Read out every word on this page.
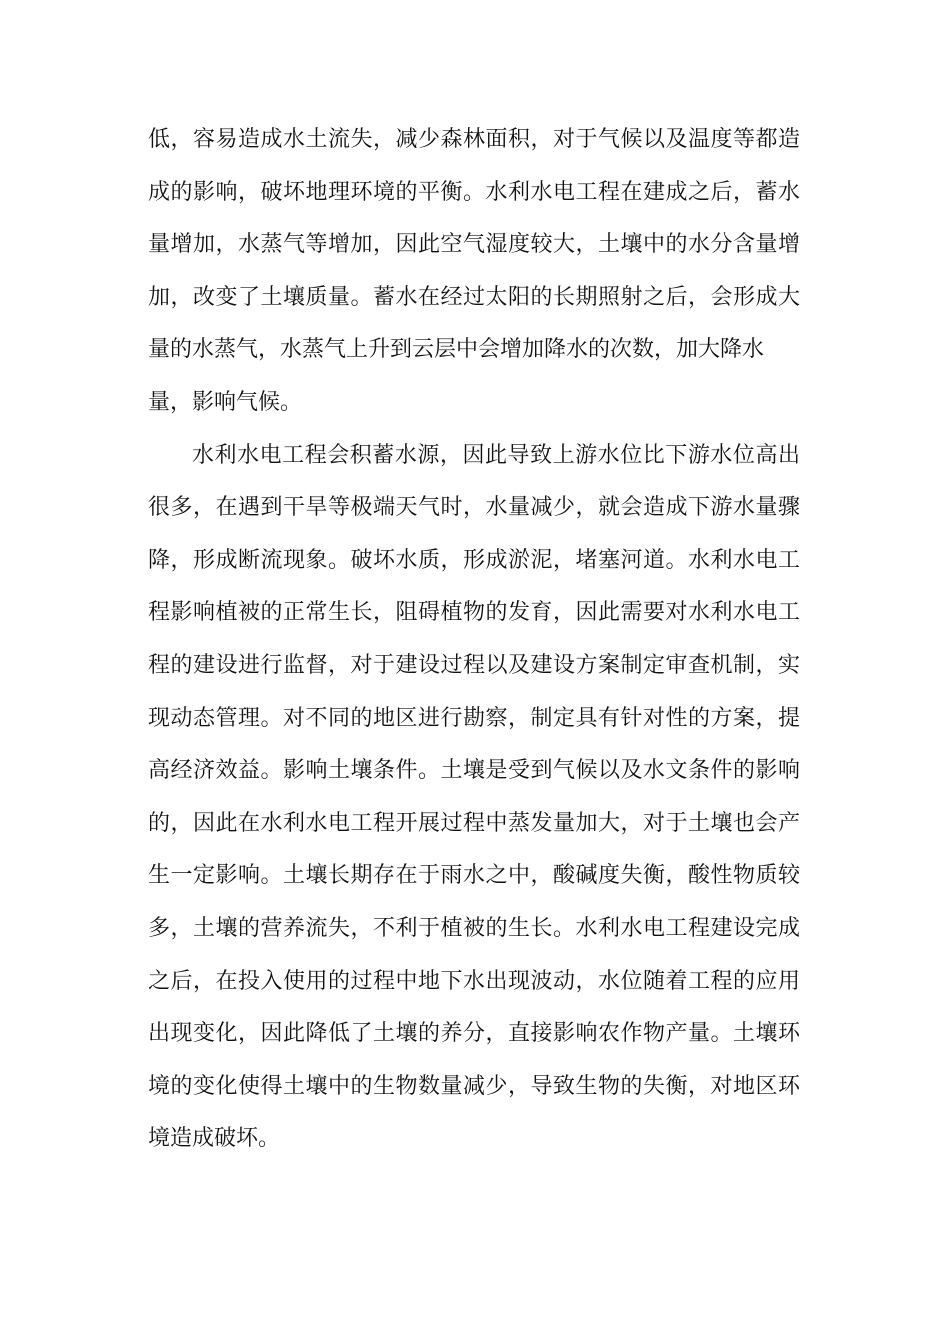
低，容易造成水土流失，减少森林面积，对于气候以及温度等都造
成的影响，破坏地理环境的平衡。水利水电工程在建成之后，蓄水
量增加，水蒸气等增加，因此空气湿度较大，土壤中的水分含量增
加，改变了土壤质量。蓄水在经过太阳的长期照射之后，会形成大
量的水蒸气，水蒸气上升到云层中会增加降水的次数，加大降水
量，影响气候。
水利水电工程会积蓄水源，因此导致上游水位比下游水位高出
很多，在遇到干旱等极端天气时，水量减少，就会造成下游水量骤
降，形成断流现象。破坏水质，形成淤泥，堵塞河道。水利水电工
程影响植被的正常生长，阻碍植物的发育，因此需要对水利水电工
程的建设进行监督，对于建设过程以及建设方案制定审查机制，实
现动态管理。对不同的地区进行勘察，制定具有针对性的方案，提
高经济效益。影响土壤条件。土壤是受到气候以及水文条件的影响
的，因此在水利水电工程开展过程中蒸发量加大，对于土壤也会产
生一定影响。土壤长期存在于雨水之中，酸碱度失衡，酸性物质较
多，土壤的营养流失，不利于植被的生长。水利水电工程建设完成
之后，在投入使用的过程中地下水出现波动，水位随着工程的应用
出现变化，因此降低了土壤的养分，直接影响农作物产量。土壤环
境的变化使得土壤中的生物数量减少，导致生物的失衡，对地区环
境造成破坏。
